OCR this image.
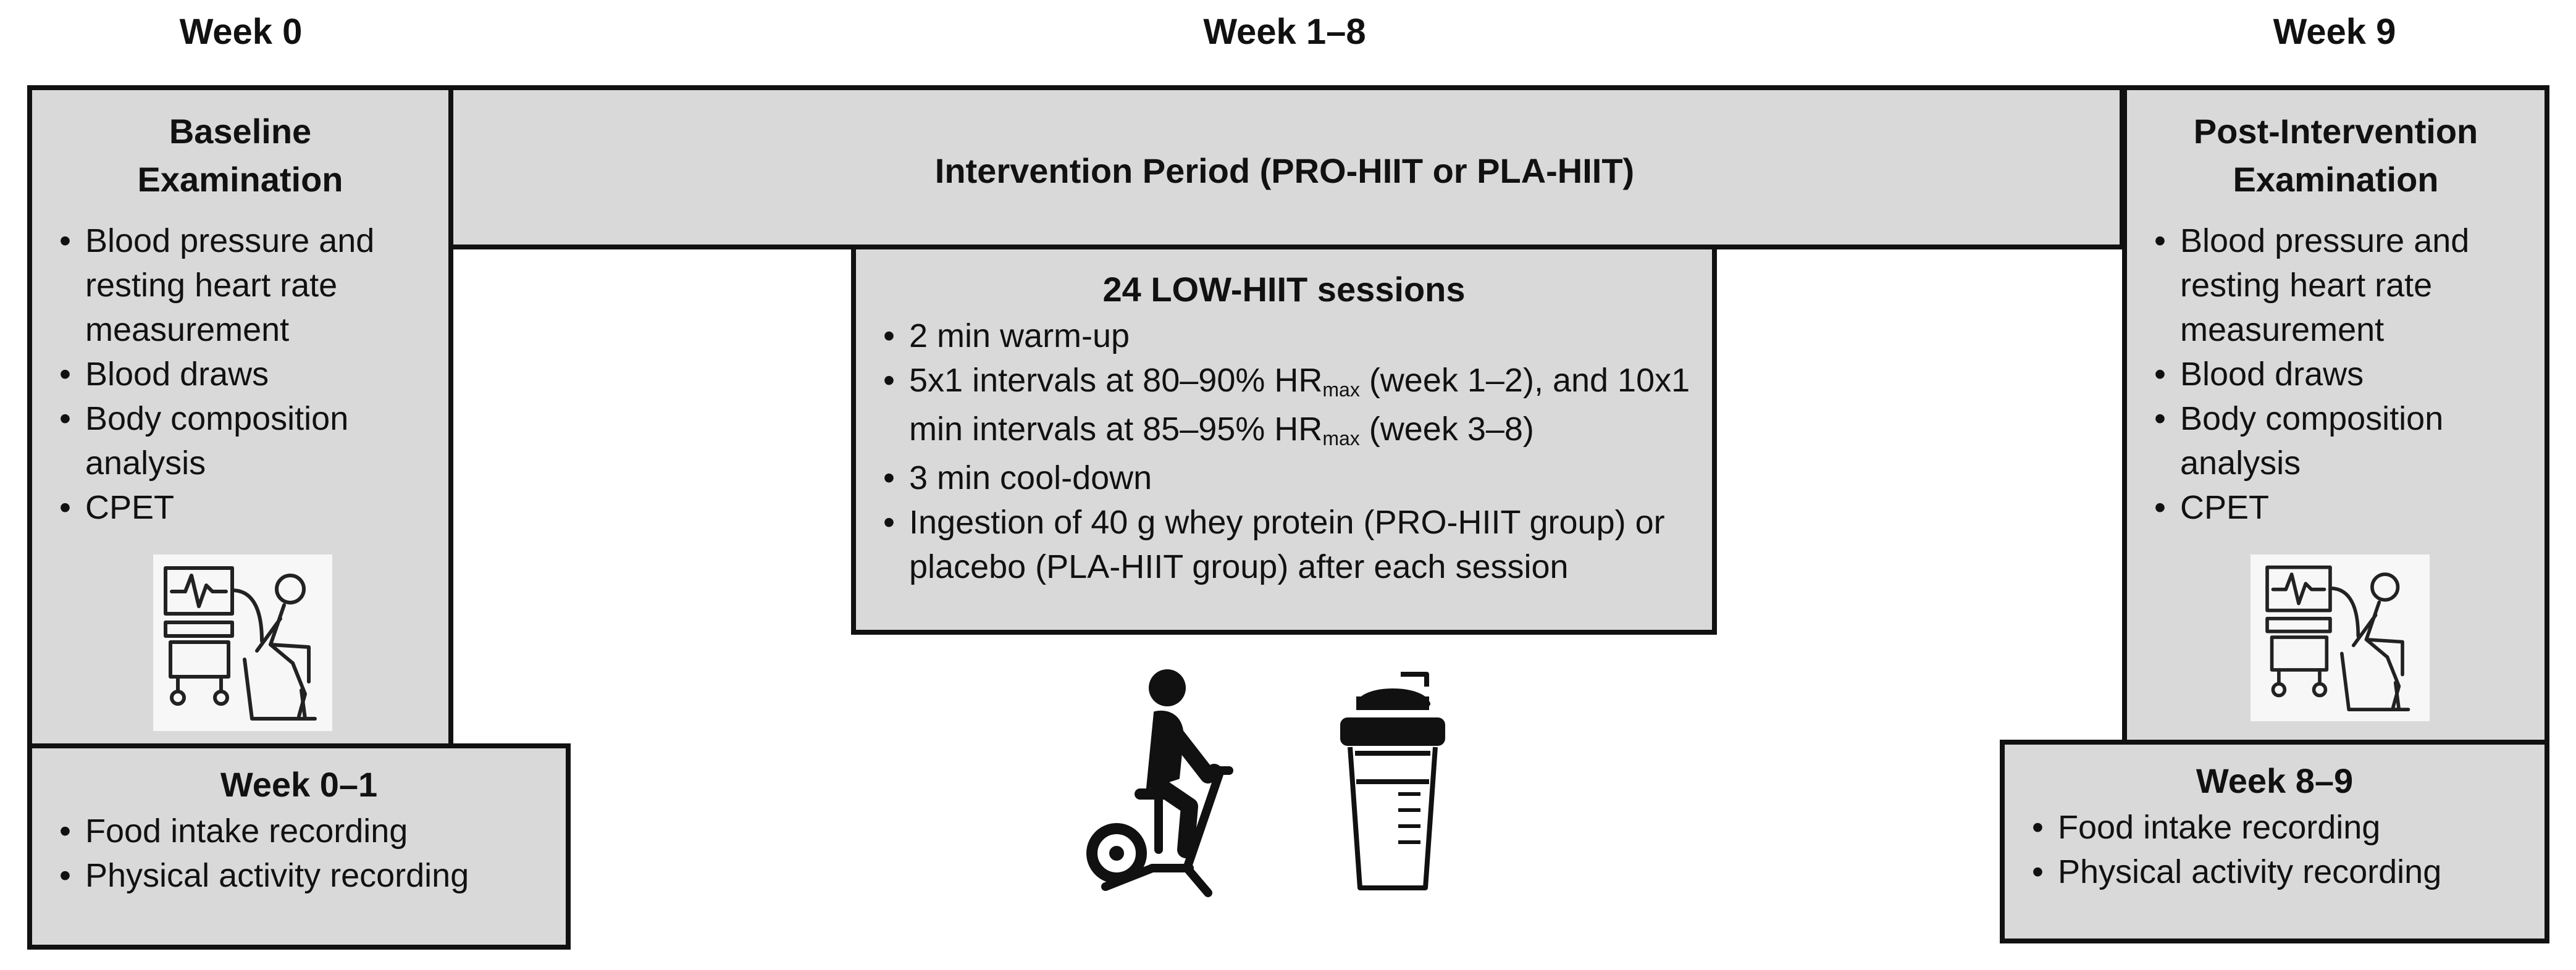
Week 0	Week 1–8	Week 9
Intervention Period (PRO-HIIT or PLA-HIIT)
Baseline
Examination
• Blood pressure and resting heart rate measurement
• Blood draws
• Body composition analysis
• CPET
Week 0–1
• Food intake recording
• Physical activity recording
24 LOW-HIIT sessions
• 2 min warm-up
• 5x1 intervals at 80–90% $HR_{max}$ (week 1–2), and 10x1 min intervals at 85–95% $HR_{max}$ (week 3–8)
• 3 min cool-down
• Ingestion of 40 g whey protein (PRO-HIIT group) or placebo (PLA-HIIT group) after each session
Post-Intervention
Examination
• Blood pressure and resting heart rate measurement
• Blood draws
• Body composition analysis
• CPET
Week 8–9
• Food intake recording
• Physical activity recording
